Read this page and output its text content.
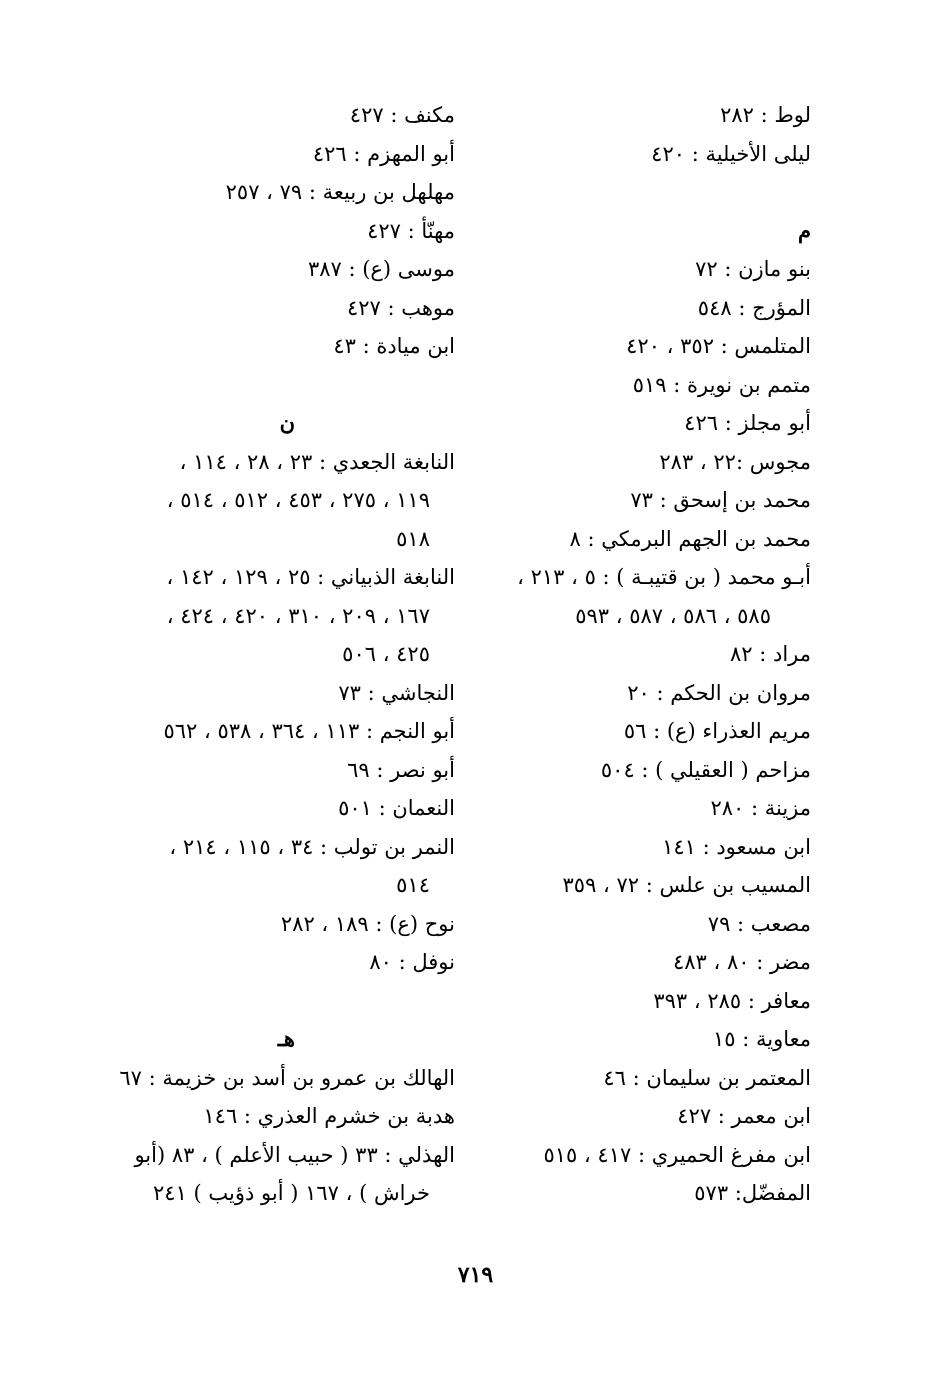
لوط : ٢٨٢
ليلى الأخيلية : ٤٢٠
م
بنو مازن : ٧٢
المؤرج : ٥٤٨
المتلمس : ٣٥٢ ، ٤٢٠
متمم بن نويرة : ٥١٩
أبو مجلز : ٤٢٦
مجوس :٢٢ ، ٢٨٣
محمد بن إسحق : ٧٣
محمد بن الجهم البرمكي : ٨
أبـو محمد ( بن قتيبـة ) : ٥ ، ٢١٣ ،
٥٨٥ ، ٥٨٦ ، ٥٨٧ ، ٥٩٣
مراد : ٨٢
مروان بن الحكم : ٢٠
مريم العذراء (ع) : ٥٦
مزاحم ( العقيلي ) : ٥٠٤
مزينة : ٢٨٠
ابن مسعود : ١٤١
المسيب بن علس : ٧٢ ، ٣٥٩
مصعب : ٧٩
مضر : ٨٠ ، ٤٨٣
معافر : ٢٨٥ ، ٣٩٣
معاوية : ١٥
المعتمر بن سليمان : ٤٦
ابن معمر : ٤٢٧
ابن مفرغ الحميري : ٤١٧ ، ٥١٥
المفضّل: ٥٧٣
مكنف : ٤٢٧
أبو المهزم : ٤٢٦
مهلهل بن ربيعة : ٧٩ ، ٢٥٧
مهنّأ : ٤٢٧
موسى (ع) : ٣٨٧
موهب : ٤٢٧
ابن ميادة : ٤٣
ن
النابغة الجعدي : ٢٣ ، ٢٨ ، ١١٤ ،
١١٩ ، ٢٧٥ ، ٤٥٣ ، ٥١٢ ، ٥١٤ ،
٥١٨
النابغة الذبياني : ٢٥ ، ١٢٩ ، ١٤٢ ،
١٦٧ ، ٢٠٩ ، ٣١٠ ، ٤٢٠ ، ٤٢٤ ،
٤٢٥ ، ٥٠٦
النجاشي : ٧٣
أبو النجم : ١١٣ ، ٣٦٤ ، ٥٣٨ ، ٥٦٢
أبو نصر : ٦٩
النعمان : ٥٠١
النمر بن تولب : ٣٤ ، ١١٥ ، ٢١٤ ،
٥١٤
نوح (ع) : ١٨٩ ، ٢٨٢
نوفل : ٨٠
هـ
الهالك بن عمرو بن أسد بن خزيمة : ٦٧
هدبة بن خشرم العذري : ١٤٦
الهذلي : ٣٣ ( حبيب الأعلم ) ، ٨٣ (أبو
خراش ) ، ١٦٧ ( أبو ذؤيب ) ٢٤١
٧١٩
